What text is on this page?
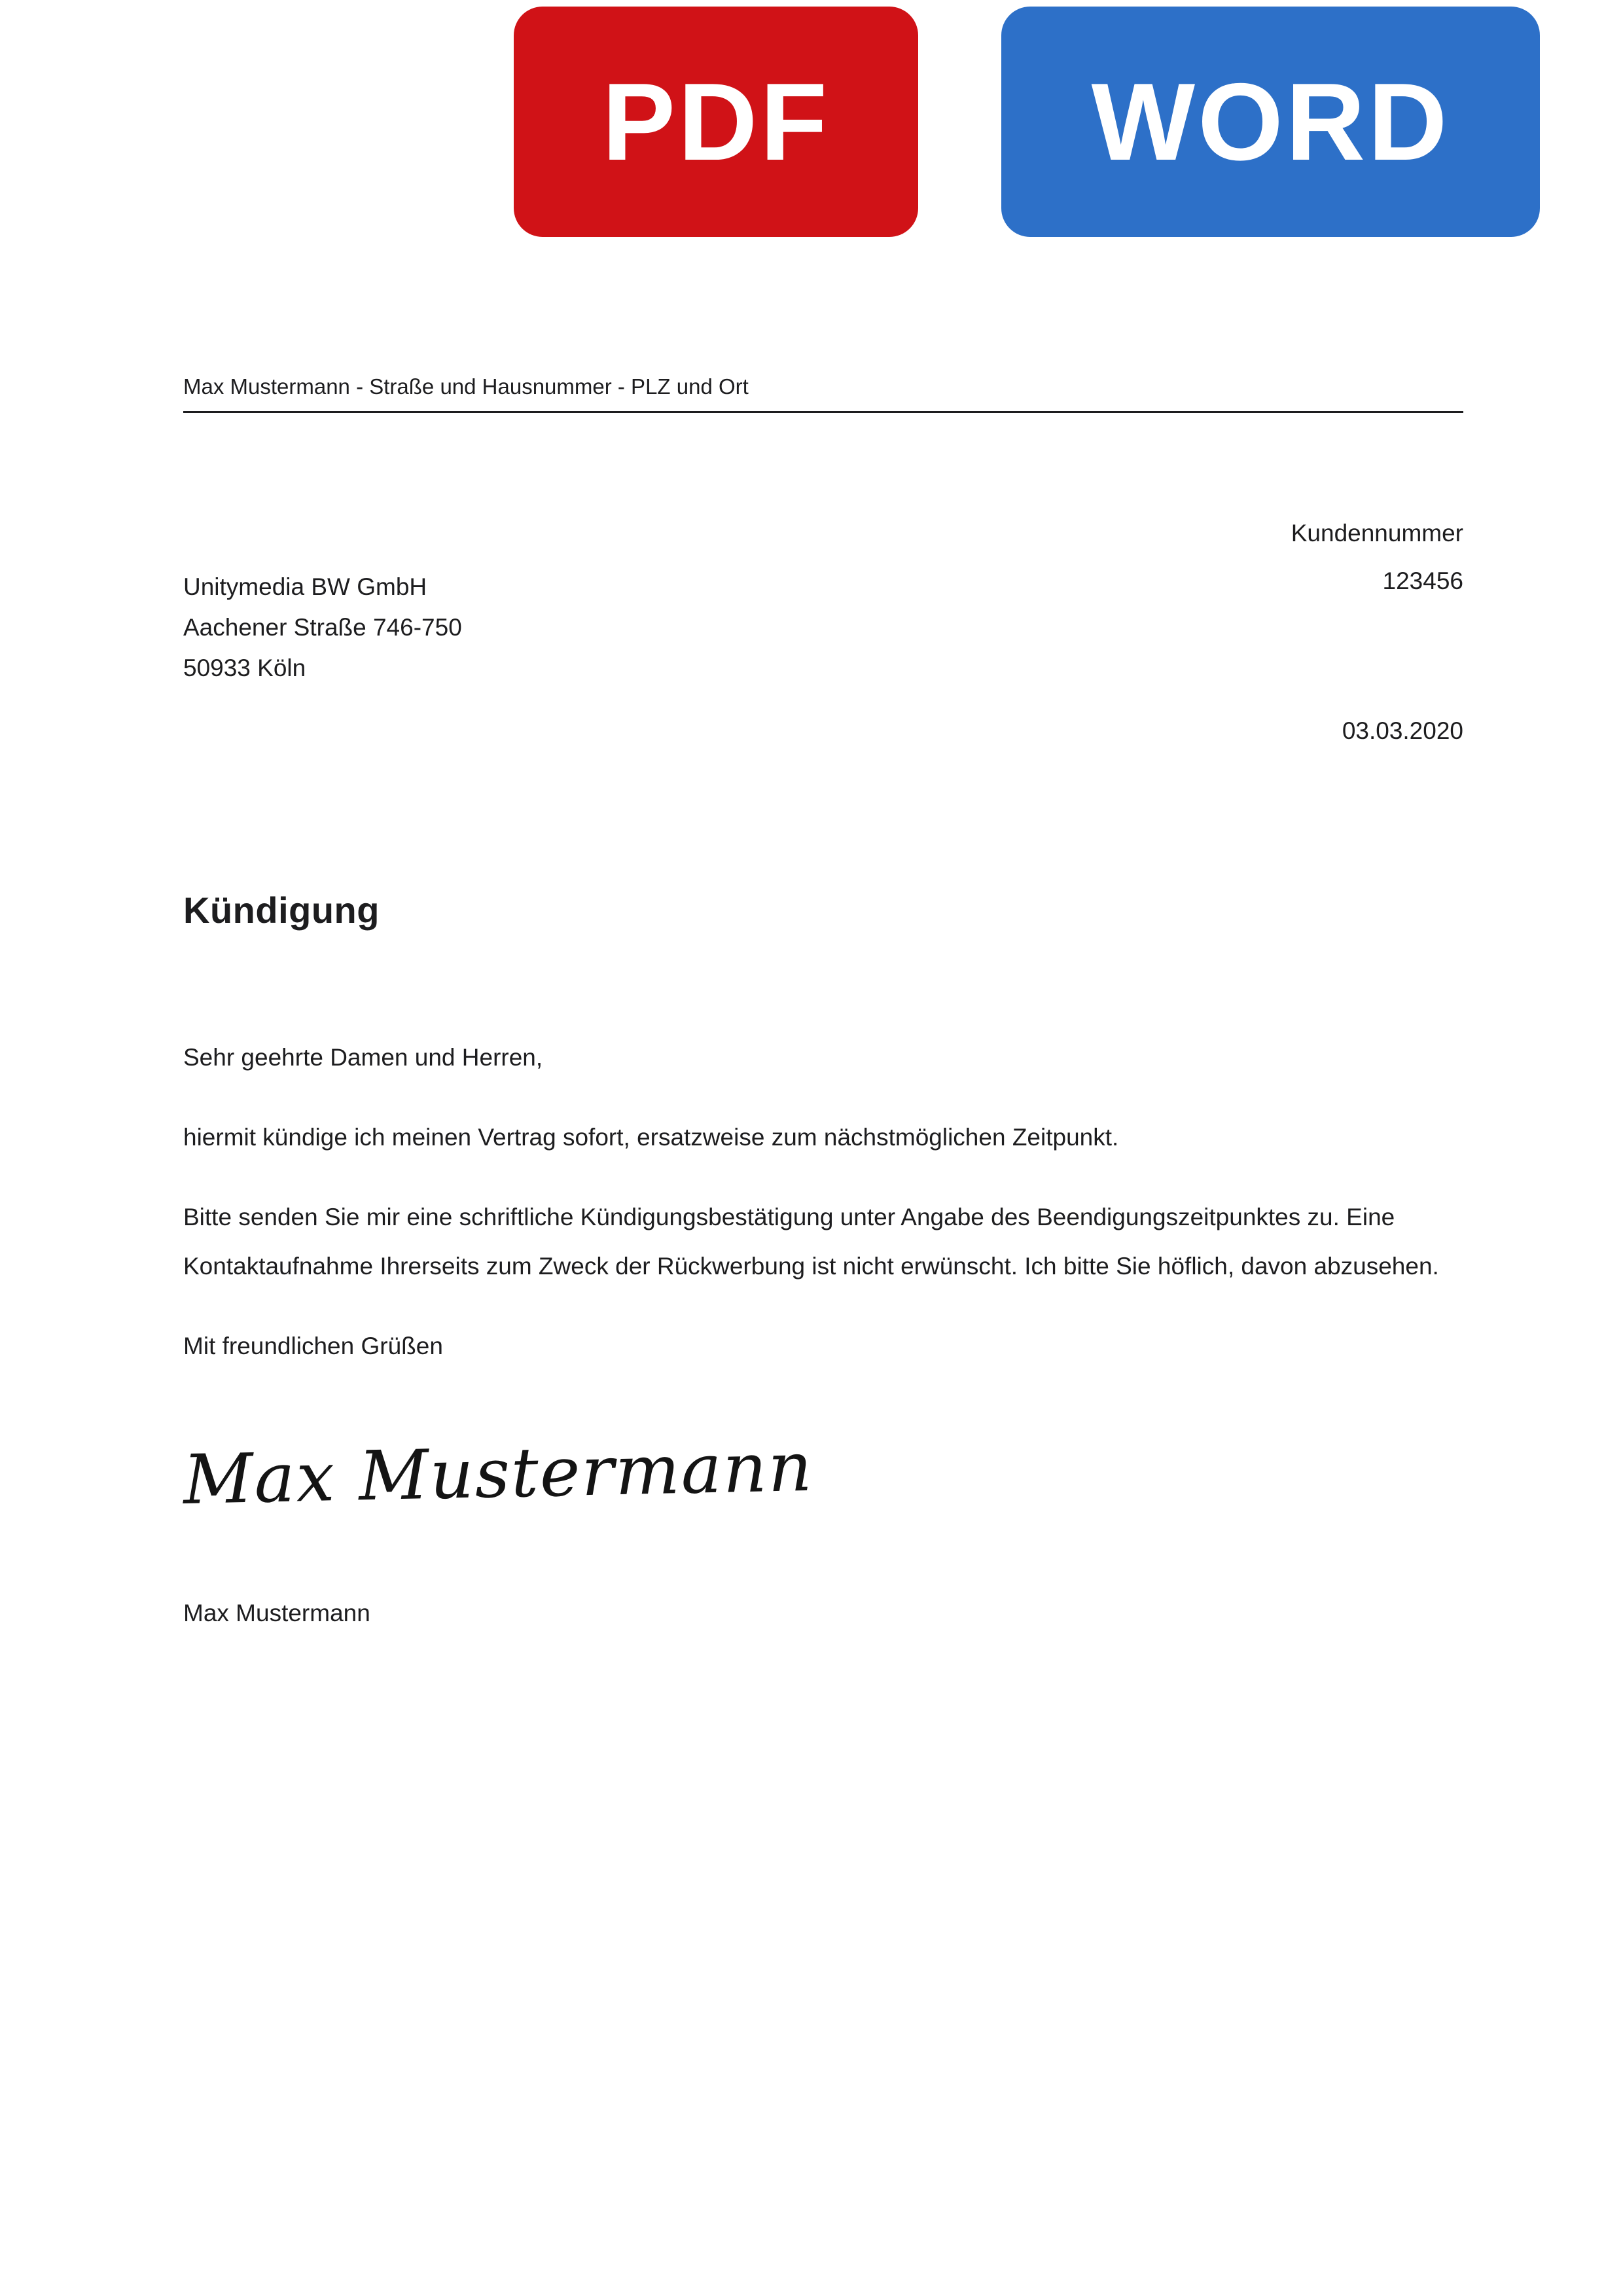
PDF	WORD
Max Mustermann - Straße und Hausnummer - PLZ und Ort
Kundennummer
123456
Unitymedia BW GmbH
Aachener Straße 746-750
50933 Köln
03.03.2020
Kündigung

Sehr geehrte Damen und Herren,

hiermit kündige ich meinen Vertrag sofort, ersatzweise zum nächstmöglichen Zeitpunkt.

Bitte senden Sie mir eine schriftliche Kündigungsbestätigung unter Angabe des Beendigungszeitpunktes zu. Eine Kontaktaufnahme Ihrerseits zum Zweck der Rückwerbung ist nicht erwünscht. Ich bitte Sie höflich, davon abzusehen.

Mit freundlichen Grüßen

Max Mustermann
Max Mustermann
